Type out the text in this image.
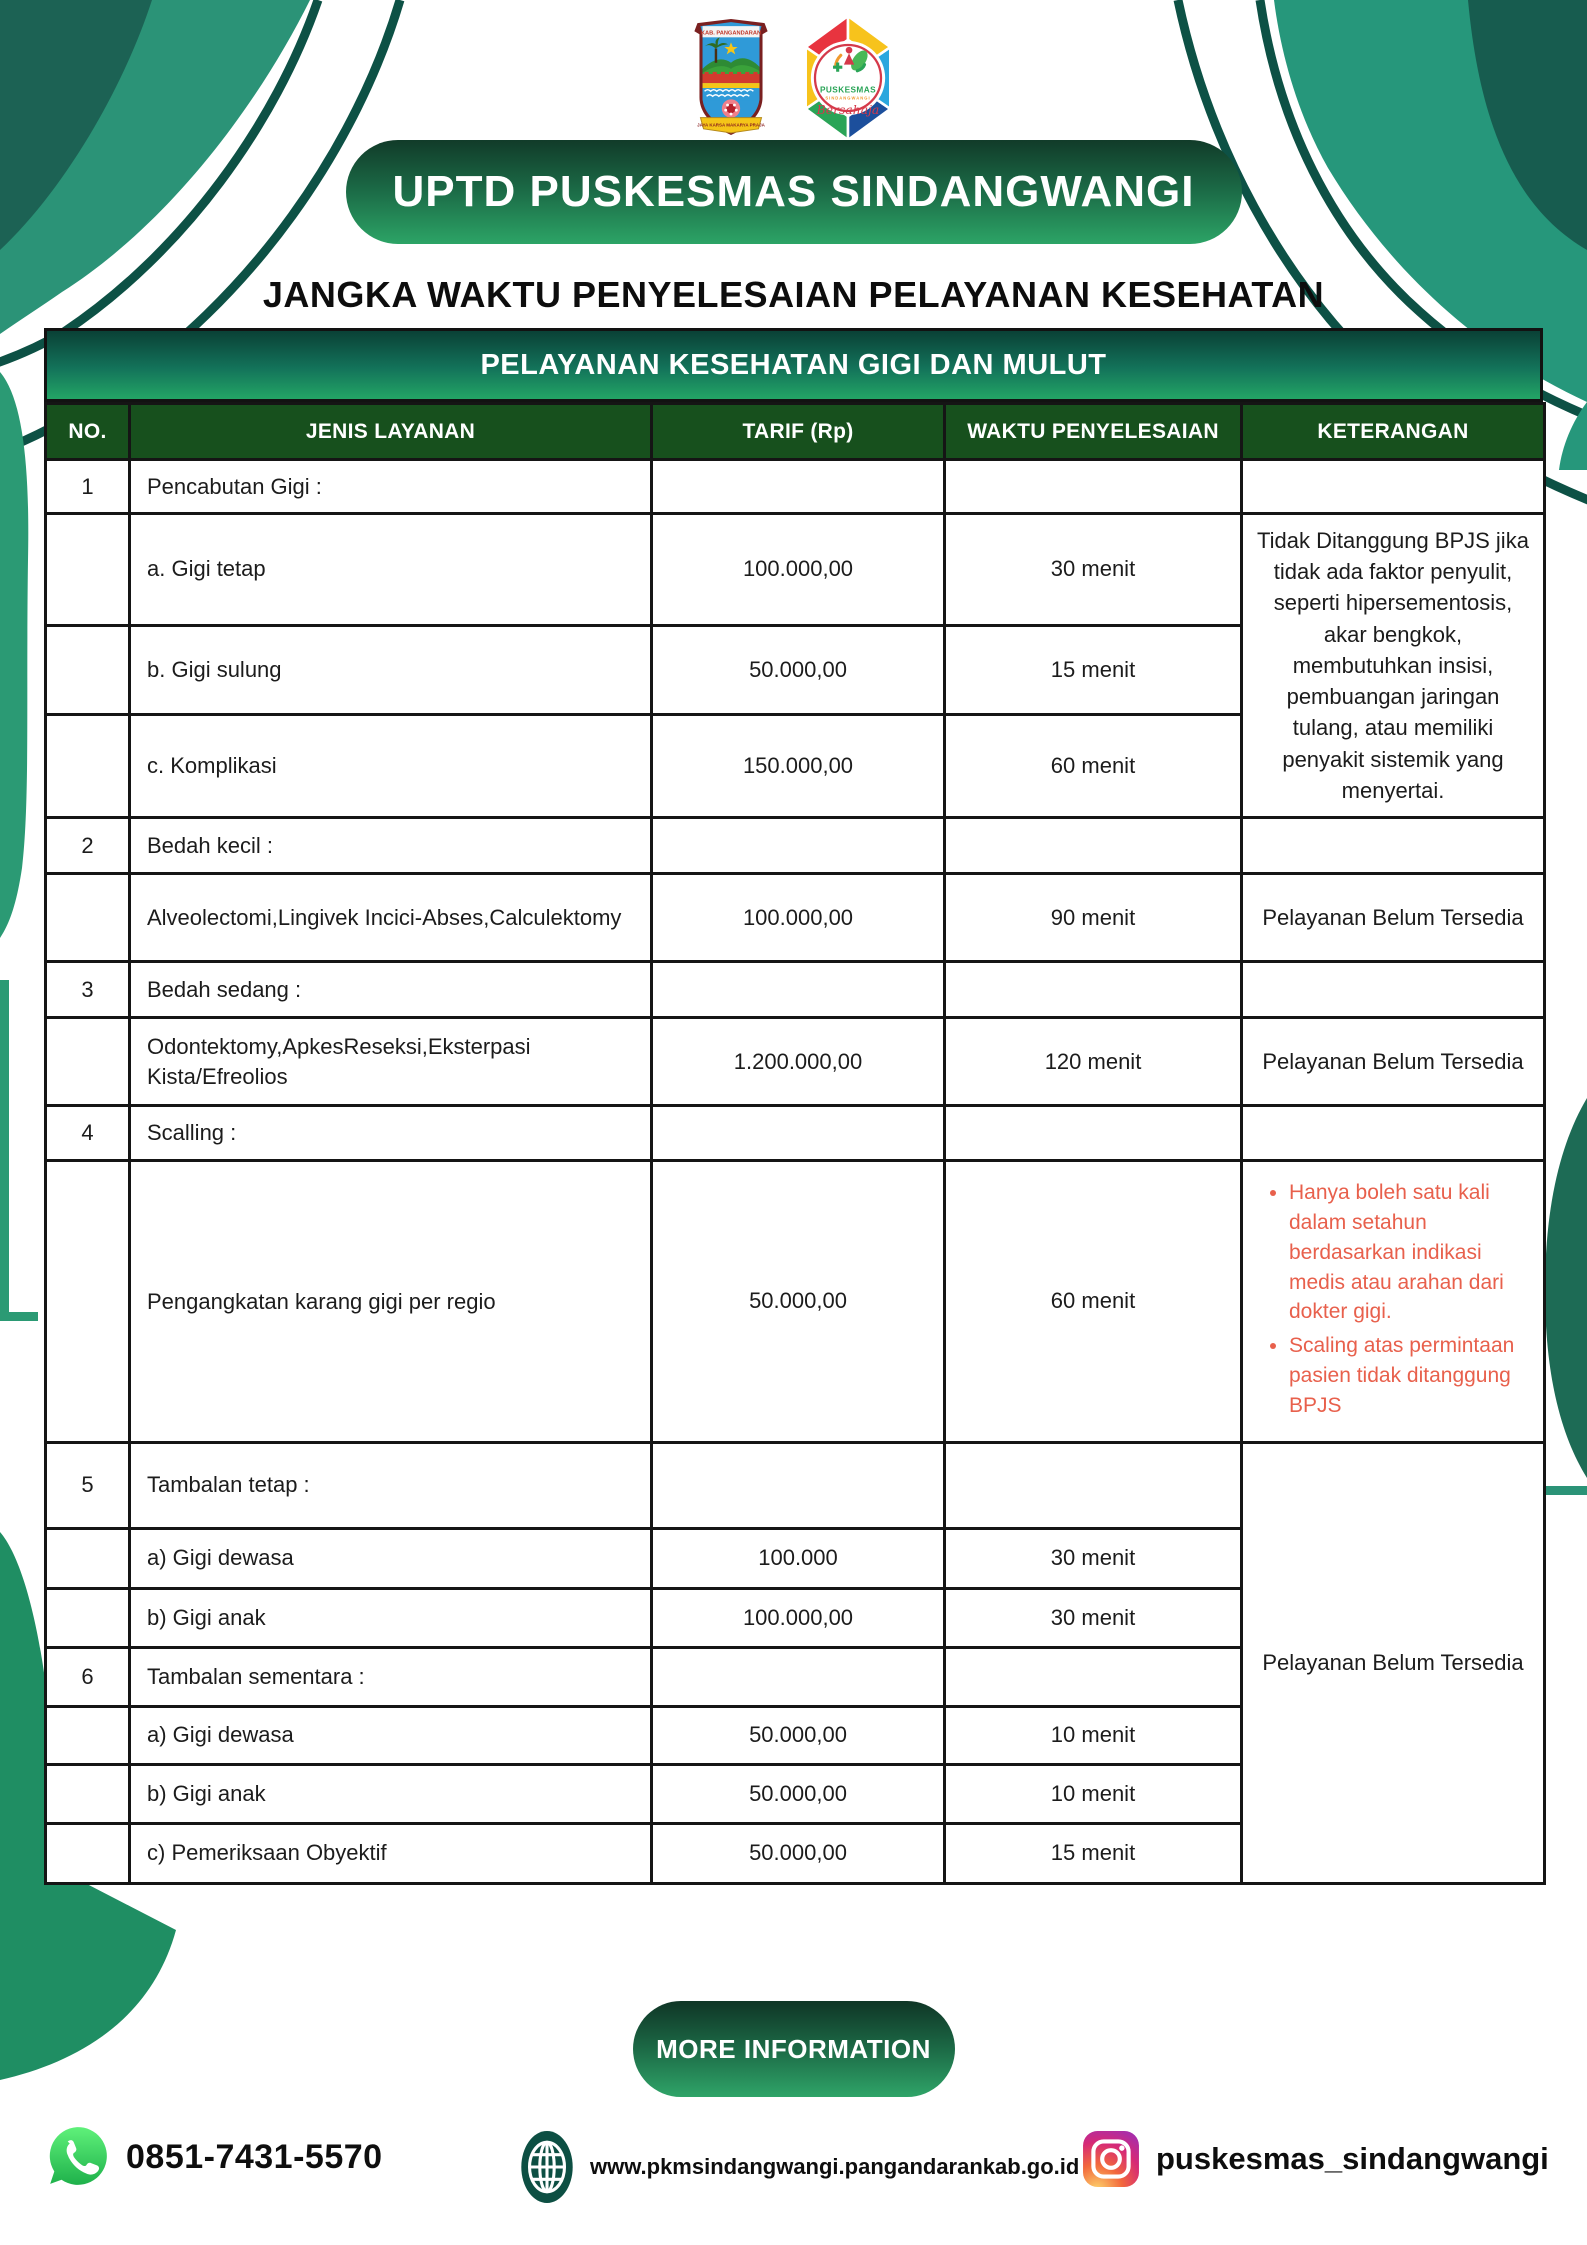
KAB. PANGANDARAN
JAYA KARSA MAKARYA PRAJA
PUSKESMAS
SINDANGWANGI
Bersahaja
UPTD PUSKESMAS SINDANGWANGI
JANGKA WAKTU PENYELESAIAN PELAYANAN KESEHATAN
PELAYANAN KESEHATAN GIGI DAN MULUT
NO.	JENIS LAYANAN	TARIF (Rp)	WAKTU PENYELESAIAN	KETERANGAN
1	Pencabutan Gigi :			
	a. Gigi tetap	100.000,00	30 menit	Tidak Ditanggung BPJS jika tidak ada faktor penyulit, seperti hipersementosis, akar bengkok, membutuhkan insisi, pembuangan jaringan tulang, atau memiliki penyakit sistemik yang menyertai.
	b. Gigi sulung	50.000,00	15 menit	
	c. Komplikasi	150.000,00	60 menit	
2	Bedah kecil :			
	Alveolectomi,Lingivek Incici-Abses,Calculektomy	100.000,00	90 menit	Pelayanan Belum Tersedia
3	Bedah sedang :			
	Odontektomy,ApkesReseksi,Eksterpasi Kista/Efreolios	1.200.000,00	120 menit	Pelayanan Belum Tersedia
4	Scalling :			
	Pengangkatan karang gigi per regio	50.000,00	60 menit	
• Hanya boleh satu kali dalam setahun berdasarkan indikasi medis atau arahan dari dokter gigi.
• Scaling atas permintaan pasien tidak ditanggung BPJS

5	Tambalan tetap :			Pelayanan Belum Tersedia
	a) Gigi dewasa	100.000	30 menit	
	b) Gigi anak	100.000,00	30 menit	
6	Tambalan sementara :			
	a) Gigi dewasa	50.000,00	10 menit	
	b) Gigi anak	50.000,00	10 menit	
	c) Pemeriksaan Obyektif	50.000,00	15 menit	
MORE INFORMATION
0851-7431-5570	www.pkmsindangwangi.pangandarankab.go.id puskesmas_sindangwangi
